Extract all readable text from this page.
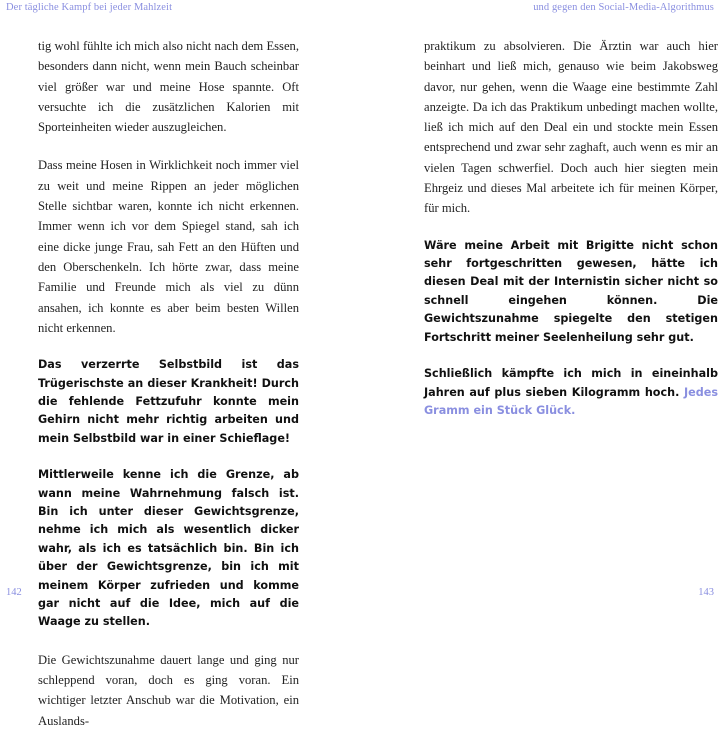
Der tägliche Kampf bei jeder Mahlzeit

tig wohl fühlte ich mich also nicht nach dem Essen, besonders dann nicht, wenn mein Bauch scheinbar viel größer war und meine Hose spannte. Oft versuchte ich die zusätzlichen Kalorien mit Sporteinheiten wieder auszugleichen.

Dass meine Hosen in Wirklichkeit noch immer viel zu weit und meine Rippen an jeder möglichen Stelle sichtbar waren, konnte ich nicht erkennen. Immer wenn ich vor dem Spiegel stand, sah ich eine dicke junge Frau, sah Fett an den Hüften und den Oberschenkeln. Ich hörte zwar, dass meine Familie und Freunde mich als viel zu dünn ansahen, ich konnte es aber beim besten Willen nicht erkennen.

Das verzerrte Selbstbild ist das Trügerischste an dieser Krankheit! Durch die fehlende Fettzufuhr konnte mein Gehirn nicht mehr richtig arbeiten und mein Selbstbild war in einer Schieflage!

Mittlerweile kenne ich die Grenze, ab wann meine Wahrnehmung falsch ist. Bin ich unter dieser Gewichtsgrenze, nehme ich mich als wesentlich dicker wahr, als ich es tatsächlich bin. Bin ich über der Gewichtsgrenze, bin ich mit meinem Körper zufrieden und komme gar nicht auf die Idee, mich auf die Waage zu stellen.

Die Gewichtszunahme dauert lange und ging nur schleppend voran, doch es ging voran. Ein wichtiger letzter Anschub war die Motivation, ein Auslands-

142
und gegen den Social-Media-Algorithmus

praktikum zu absolvieren. Die Ärztin war auch hier beinhart und ließ mich, genauso wie beim Jakobsweg davor, nur gehen, wenn die Waage eine bestimmte Zahl anzeigte. Da ich das Praktikum unbedingt machen wollte, ließ ich mich auf den Deal ein und stockte mein Essen entsprechend und zwar sehr zaghaft, auch wenn es mir an vielen Tagen schwerfiel. Doch auch hier siegten mein Ehrgeiz und dieses Mal arbeitete ich für meinen Körper, für mich.

Wäre meine Arbeit mit Brigitte nicht schon sehr fortgeschritten gewesen, hätte ich diesen Deal mit der Internistin sicher nicht so schnell eingehen können. Die Gewichtszunahme spiegelte den stetigen Fortschritt meiner Seelenheilung sehr gut.

Schließlich kämpfte ich mich in eineinhalb Jahren auf plus sieben Kilogramm hoch. Jedes Gramm ein Stück Glück.

143
